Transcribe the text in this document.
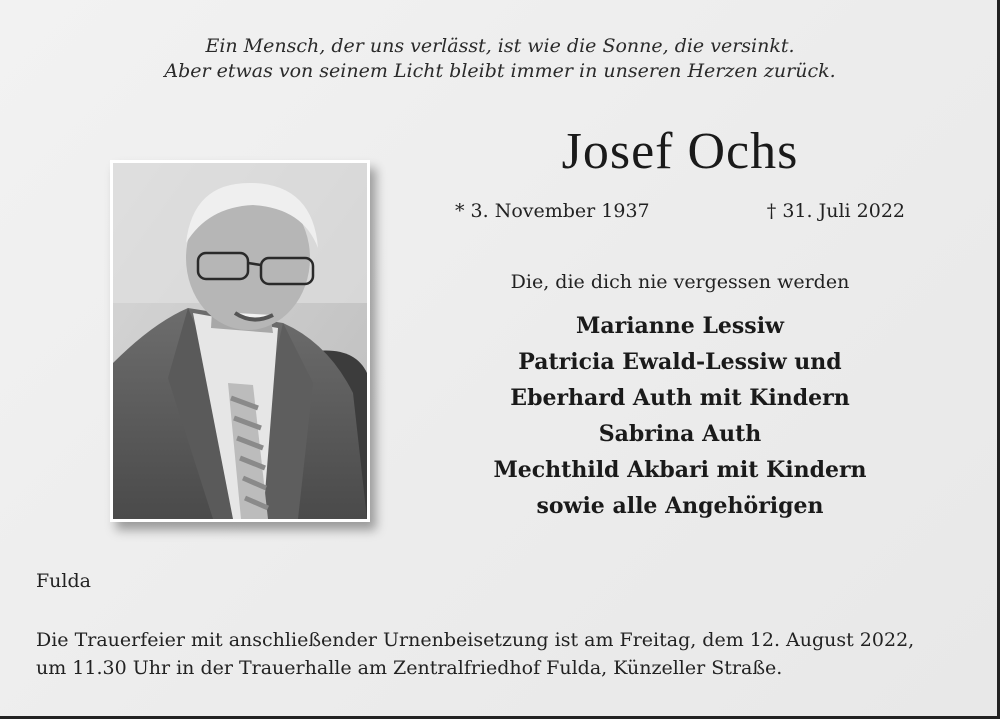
Ein Mensch, der uns verlässt, ist wie die Sonne, die versinkt.
Aber etwas von seinem Licht bleibt immer in unseren Herzen zurück.
Josef Ochs
* 3. November 1937	† 31. Juli 2022
Die, die dich nie vergessen werden
Marianne Lessiw
Patricia Ewald-Lessiw und
Eberhard Auth mit Kindern
Sabrina Auth
Mechthild Akbari mit Kindern
sowie alle Angehörigen
Fulda
Die Trauerfeier mit anschließender Urnenbeisetzung ist am Freitag, dem 12. August 2022,
um 11.30 Uhr in der Trauerhalle am Zentralfriedhof Fulda, Künzeller Straße.
